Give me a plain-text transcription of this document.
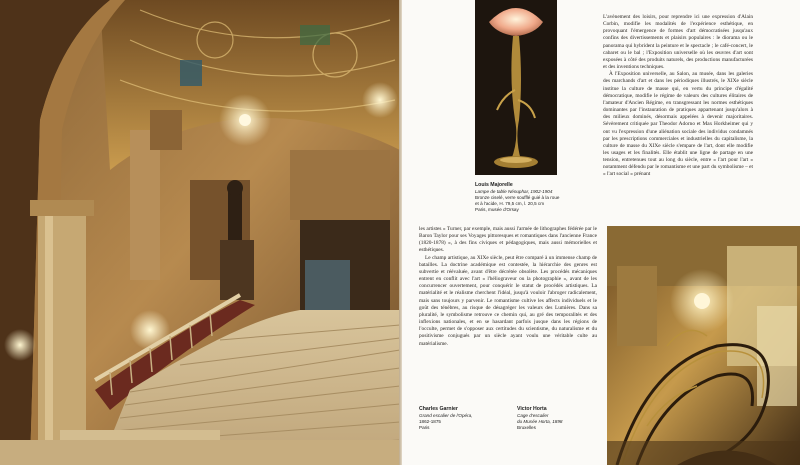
Louis Majorelle
Lampe de table Nénuphar, 1902-1904
Bronze ciselé, verre soufflé guié à la roue
et à l'acide, H. 79,5 cm, l. 20,5 cm
Paris, musée d'Orsay

L'avènement des loisirs, pour reprendre ici une expression d'Alain Corbin, modifie les modalités de l'expérience esthétique, en provoquant l'émergence de formes d'art démocratisées jusqu'aux confins des divertissements et plaisirs populaires : le diorama ou le panorama qui hybrident la peinture et le spectacle ; le café-concert, le cabaret ou le bal ; l'Exposition universelle où les œuvres d'art sont exposées à côté des produits naturels, des productions manufacturées et des inventions techniques.

À l'Exposition universelle, au Salon, au musée, dans les galeries des marchands d'art et dans les périodiques illustrés, le XIXe siècle institue la culture de masse qui, en vertu du principe d'égalité démocratique, modifie le régime de valeurs des cultures élitaires de l'amateur d'Ancien Régime, en transgressant les normes esthétiques dominantes par l'instauration de pratiques appartenant jusqu'alors à des milieux dominés, désormais appelées à devenir majoritaires. Sévèrement critiquée par Theodor Adorno et Max Horkheimer qui y ont vu l'expression d'une aliénation sociale des individus condamnés par les prescriptions commerciales et industrielles du capitalisme, la culture de masse du XIXe siècle s'empare de l'art, dont elle modifie les usages et les finalités. Elle établit une ligne de partage en une tension, entretenues tout au long du siècle, entre « l'art pour l'art » notamment défendu par le romantisme et une part du symbolisme – et « l'art social » prénant

les artistes « Turner, par exemple, mais aussi l'armée de lithographes fédérée par le Baron Taylor pour ses Voyages pittoresques et romantiques dans l'ancienne France (1820-1878) », à des fins civiques et pédagogiques, mais aussi mémorielles et esthétiques.

Le champ artistique, au XIXe siècle, peut être comparé à un immense champ de batailles. La doctrine académique est contestée, la hiérarchie des genres est subvertie et réévaluée, avant d'être décrétée obsolète. Les procédés mécaniques entrent en conflit avec l'art « l'héliograveur ou la photographie », avant de les concurrencer ouvertement, pour conquérir le statut de procédés artistiques. La matérialité et le réalisme cherchent l'idéal, jusqu'à vouloir l'abroger radicalement, mais sans toujours y parvenir. Le romantisme cultive les affects individuels et le goût des ténèbres, au risque de désagréger les valeurs des Lumières. Dans sa pluralité, le symbolisme retrouve ce chemin qui, au gré des temporalités et des inflexions nationales, et en se hasardant parfois jusque dans les régions de l'occulte, permet de s'opposer aux certitudes du scientisme, du naturalisme et du positivisme conjugués par un siècle ayant voulu une véritable culte au matérialisme.

Charles Garnier
Grand escalier de l'Opéra,
1862-1875
Paris
Victor Horta
Cage d'escalier
du Musée Horta, 1898
Bruxelles
